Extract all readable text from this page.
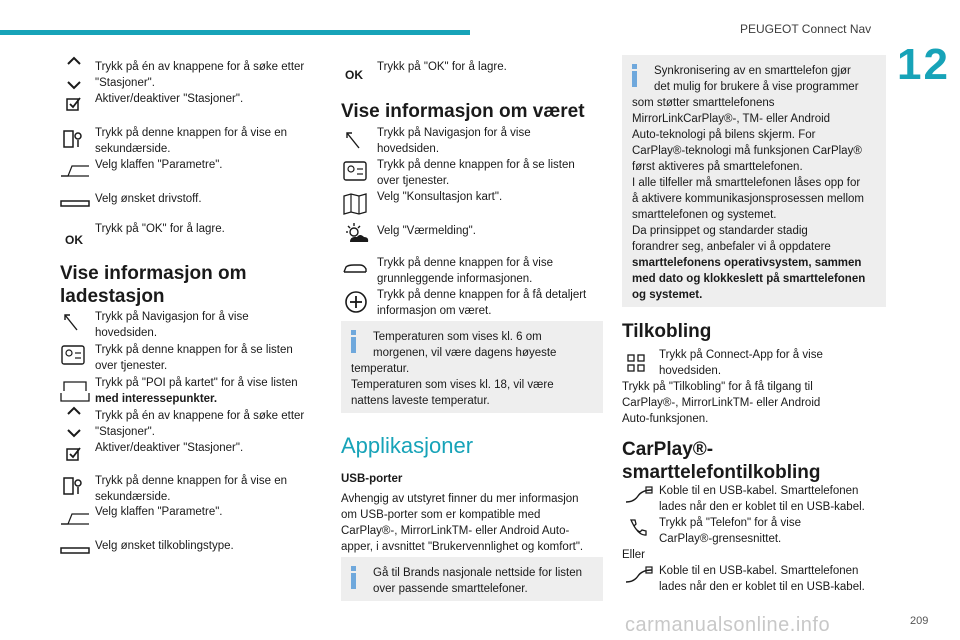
PEUGEOT Connect Nav
12
Trykk på én av knappene for å søke etter
"Stasjoner".
Aktiver/deaktiver "Stasjoner".
Trykk på denne knappen for å vise en
sekundærside.
Velg klaffen "Parametre".
Velg ønsket drivstoff.
OK
Trykk på "OK" for å lagre.
Vise informasjon om
ladestasjon
Trykk på Navigasjon for å vise
hovedsiden.
Trykk på denne knappen for å se listen
over tjenester.
Trykk på "POI på kartet" for å vise listen
med interessepunkter.
Trykk på én av knappene for å søke etter
"Stasjoner".
Aktiver/deaktiver "Stasjoner".
Trykk på denne knappen for å vise en
sekundærside.
Velg klaffen "Parametre".
Velg ønsket tilkoblingstype.
OK
Trykk på "OK" for å lagre.
Vise informasjon om været
Trykk på Navigasjon for å vise
hovedsiden.
Trykk på denne knappen for å se listen
over tjenester.
Velg "Konsultasjon kart".
Velg "Værmelding".
Trykk på denne knappen for å vise
grunnleggende informasjonen.
Trykk på denne knappen for å få detaljert
informasjon om været.
Temperaturen som vises kl. 6 om
morgenen, vil være dagens høyeste
temperatur.
Temperaturen som vises kl. 18, vil være
nattens laveste temperatur.
Applikasjoner
USB-porter
Avhengig av utstyret finner du mer informasjon
om USB-porter som er kompatible med
CarPlay®-, MirrorLinkTM- eller Android Auto-
apper, i avsnittet "Brukervennlighet og komfort".
Gå til Brands nasjonale nettside for listen
over passende smarttelefoner.
Synkronisering av en smarttelefon gjør
det mulig for brukere å vise programmer
som støtter smarttelefonens
MirrorLinkCarPlay®-, TM- eller Android
Auto-teknologi på bilens skjerm. For
CarPlay®-teknologi må funksjonen CarPlay®
først aktiveres på smarttelefonen.
I alle tilfeller må smarttelefonen låses opp for
å aktivere kommunikasjonsprosessen mellom
smarttelefonen og systemet.
Da prinsippet og standarder stadig
forandrer seg, anbefaler vi å oppdatere
smarttelefonens operativsystem, sammen
med dato og klokkeslett på smarttelefonen
og systemet.
Tilkobling
Trykk på Connect-App for å vise
hovedsiden.
Trykk på "Tilkobling" for å få tilgang til
CarPlay®-, MirrorLinkTM- eller Android
Auto-funksjonen.
CarPlay®-
smarttelefontilkobling
Koble til en USB-kabel. Smarttelefonen
lades når den er koblet til en USB-kabel.
Trykk på "Telefon" for å vise
CarPlay®-grensesnittet.
Eller
Koble til en USB-kabel. Smarttelefonen
lades når den er koblet til en USB-kabel.
carmanualsonline.info	209
